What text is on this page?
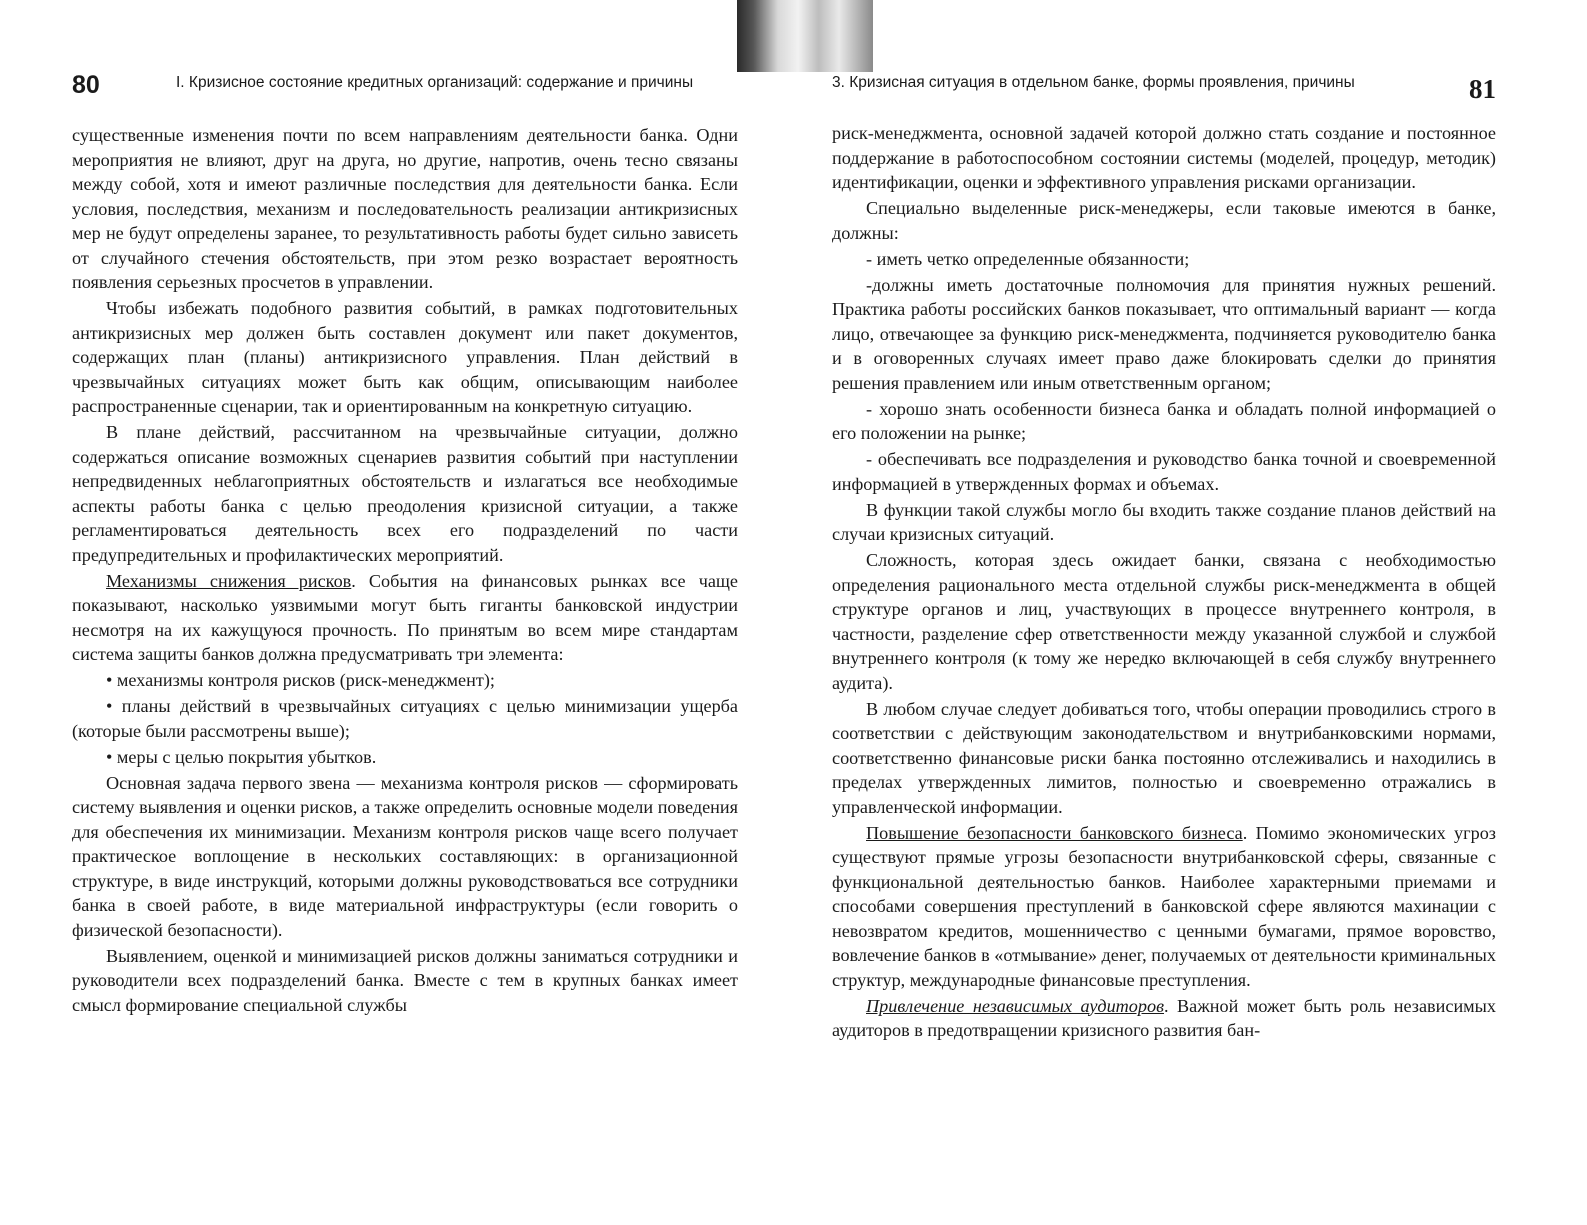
80	I. Кризисное состояние кредитных организаций: содержание и причины

существенные изменения почти по всем направлениям деятельности банка. Одни мероприятия не влияют, друг на друга, но другие, напротив, очень тесно связаны между собой, хотя и имеют различные последствия для деятельности банка. Если условия, последствия, механизм и последовательность реализации антикризисных мер не будут определены заранее, то результативность работы будет сильно зависеть от случайного стечения обстоятельств, при этом резко возрастает вероятность появления серьезных просчетов в управлении.

Чтобы избежать подобного развития событий, в рамках подготовительных антикризисных мер должен быть составлен документ или пакет документов, содержащих план (планы) антикризисного управления. План действий в чрезвычайных ситуациях может быть как общим, описывающим наиболее распространенные сценарии, так и ориентированным на конкретную ситуацию.

В плане действий, рассчитанном на чрезвычайные ситуации, должно содержаться описание возможных сценариев развития событий при наступлении непредвиденных неблагоприятных обстоятельств и излагаться все необходимые аспекты работы банка с целью преодоления кризисной ситуации, а также регламентироваться деятельность всех его подразделений по части предупредительных и профилактических мероприятий.

Механизмы снижения рисков. События на финансовых рынках все чаще показывают, насколько уязвимыми могут быть гиганты банковской индустрии несмотря на их кажущуюся прочность. По принятым во всем мире стандартам система защиты банков должна предусматривать три элемента:

• механизмы контроля рисков (риск-менеджмент);

• планы действий в чрезвычайных ситуациях с целью минимизации ущерба (которые были рассмотрены выше);

• меры с целью покрытия убытков.

Основная задача первого звена — механизма контроля рисков — сформировать систему выявления и оценки рисков, а также определить основные модели поведения для обеспечения их минимизации. Механизм контроля рисков чаще всего получает практическое воплощение в нескольких составляющих: в организационной структуре, в виде инструкций, которыми должны руководствоваться все сотрудники банка в своей работе, в виде материальной инфраструктуры (если говорить о физической безопасности).

Выявлением, оценкой и минимизацией рисков должны заниматься сотрудники и руководители всех подразделений банка. Вместе с тем в крупных банках имеет смысл формирование специальной службы

3. Кризисная ситуация в отдельном банке, формы проявления, причины	81

риск-менеджмента, основной задачей которой должно стать создание и постоянное поддержание в работоспособном состоянии системы (моделей, процедур, методик) идентификации, оценки и эффективного управления рисками организации.

Специально выделенные риск-менеджеры, если таковые имеются в банке, должны:

- иметь четко определенные обязанности;

-должны иметь достаточные полномочия для принятия нужных решений. Практика работы российских банков показывает, что оптимальный вариант — когда лицо, отвечающее за функцию риск-менеджмента, подчиняется руководителю банка и в оговоренных случаях имеет право даже блокировать сделки до принятия решения правлением или иным ответственным органом;

- хорошо знать особенности бизнеса банка и обладать полной информацией о его положении на рынке;

- обеспечивать все подразделения и руководство банка точной и своевременной информацией в утвержденных формах и объемах.

В функции такой службы могло бы входить также создание планов действий на случаи кризисных ситуаций.

Сложность, которая здесь ожидает банки, связана с необходимостью определения рационального места отдельной службы риск-менеджмента в общей структуре органов и лиц, участвующих в процессе внутреннего контроля, в частности, разделение сфер ответственности между указанной службой и службой внутреннего контроля (к тому же нередко включающей в себя службу внутреннего аудита).

В любом случае следует добиваться того, чтобы операции проводились строго в соответствии с действующим законодательством и внутрибанковскими нормами, соответственно финансовые риски банка постоянно отслеживались и находились в пределах утвержденных лимитов, полностью и своевременно отражались в управленческой информации.

Повышение безопасности банковского бизнеса. Помимо экономических угроз существуют прямые угрозы безопасности внутрибанковской сферы, связанные с функциональной деятельностью банков. Наиболее характерными приемами и способами совершения преступлений в банковской сфере являются махинации с невозвратом кредитов, мошенничество с ценными бумагами, прямое воровство, вовлечение банков в «отмывание» денег, получаемых от деятельности криминальных структур, международные финансовые преступления.

Привлечение независимых аудиторов. Важной может быть роль независимых аудиторов в предотвращении кризисного развития бан-
